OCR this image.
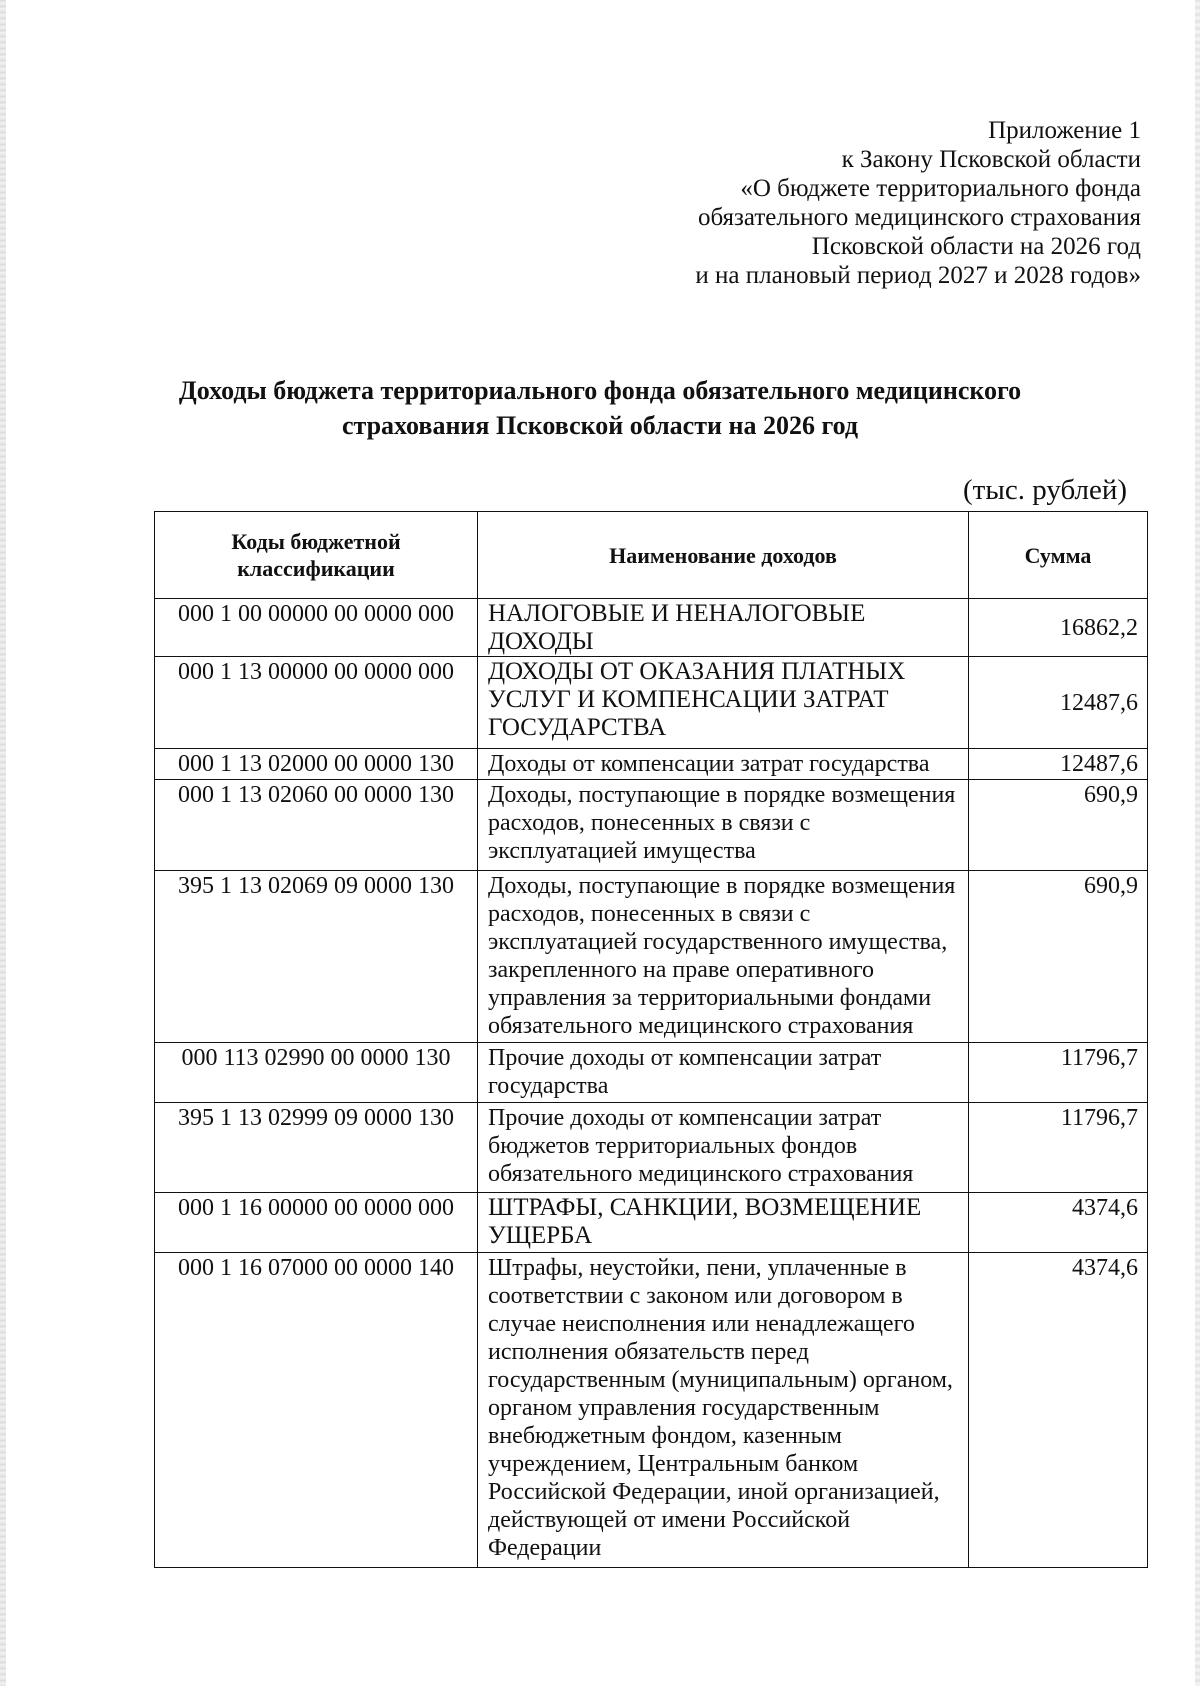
Приложение 1
к Закону Псковской области
«О бюджете территориального фонда
обязательного медицинского страхования
Псковской области на 2026 год
и на плановый период 2027 и 2028 годов»
Доходы бюджета территориального фонда обязательного медицинского
страхования Псковской области на 2026 год
(тыс. рублей)
Коды бюджетной
классификации	Наименование доходов	Сумма
000 1 00 00000 00 0000 000	НАЛОГОВЫЕ И НЕНАЛОГОВЫЕ ДОХОДЫ	16862,2
000 1 13 00000 00 0000 000	ДОХОДЫ ОТ ОКАЗАНИЯ ПЛАТНЫХ УСЛУГ И КОМПЕНСАЦИИ ЗАТРАТ ГОСУДАРСТВА	12487,6
000 1 13 02000 00 0000 130	Доходы от компенсации затрат государства	12487,6
000 1 13 02060 00 0000 130	Доходы, поступающие в порядке возмещения расходов, понесенных в связи с эксплуатацией имущества	690,9
395 1 13 02069 09 0000 130	Доходы, поступающие в порядке возмещения расходов, понесенных в связи с эксплуатацией государственного имущества, закрепленного на праве оперативного управления за территориальными фондами обязательного медицинского страхования	690,9
000 113 02990 00 0000 130	Прочие доходы от компенсации затрат государства	11796,7
395 1 13 02999 09 0000 130	Прочие доходы от компенсации затрат бюджетов территориальных фондов обязательного медицинского страхования	11796,7
000 1 16 00000 00 0000 000	ШТРАФЫ, САНКЦИИ, ВОЗМЕЩЕНИЕ УЩЕРБА	4374,6
000 1 16 07000 00 0000 140	Штрафы, неустойки, пени, уплаченные в соответствии с законом или договором в случае неисполнения или ненадлежащего исполнения обязательств перед государственным (муниципальным) органом, органом управления государственным внебюджетным фондом, казенным учреждением, Центральным банком Российской Федерации, иной организацией, действующей от имени Российской Федерации	4374,6
